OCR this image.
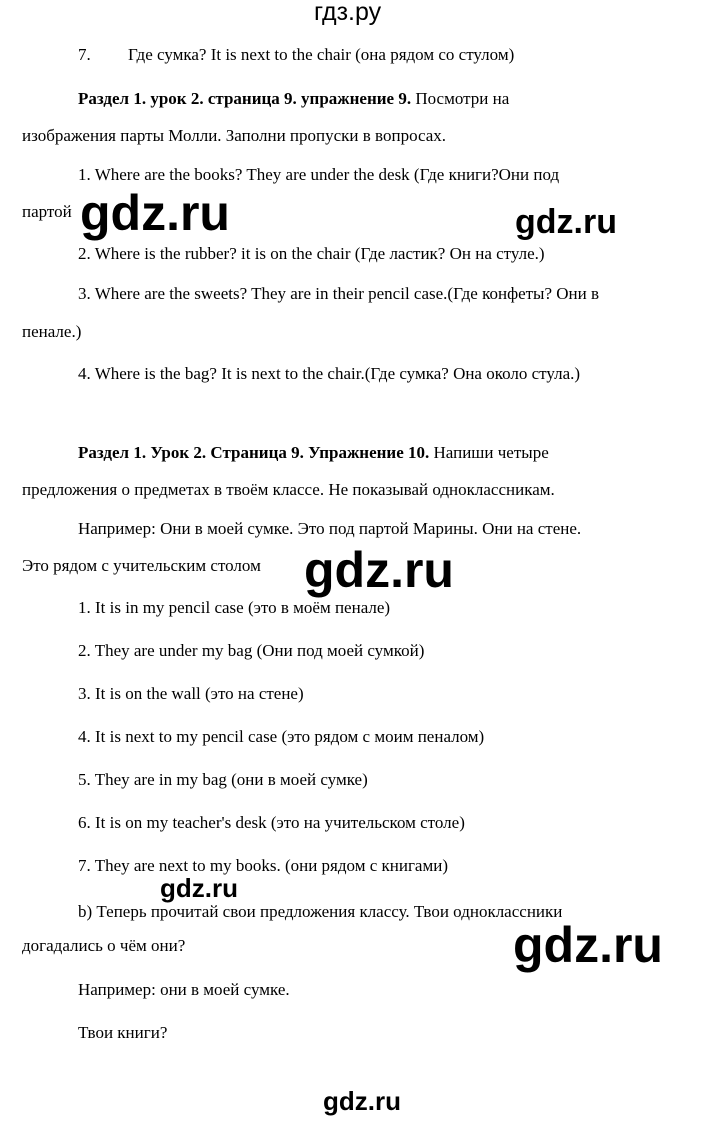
гдз.ру
7. Где сумка? It is next to the chair (она рядом со стулом)
Раздел 1. урок 2. страница 9. упражнение 9. Посмотри на
изображения парты Молли. Заполни пропуски в вопросах.
1. Where are the books? They are under the desk (Где книги?Они под
партой
2. Where is the rubber? it is on the chair (Где ластик? Он на стуле.)
3. Where are the sweets? They are in their pencil case.(Где конфеты? Они в
пенале.)
4. Where is the bag? It is next to the chair.(Где сумка? Она около стула.)
Раздел 1. Урок 2. Страница 9. Упражнение 10. Напиши четыре
предложения о предметах в твоём классе. Не показывай одноклассникам.
Например: Они в моей сумке. Это под партой Марины. Они на стене.
Это рядом с учительским столом
1. It is in my pencil case (это в моём пенале)
2. They are under my bag (Они под моей сумкой)
3. It is on the wall (это на стене)
4. It is next to my pencil case (это рядом с моим пеналом)
5. They are in my bag (они в моей сумке)
6. It is on my teacher's desk (это на учительском столе)
7. They are next to my books. (они рядом с книгами)
b) Теперь прочитай свои предложения классу. Твои одноклассники
догадались о чём они?
Например: они в моей сумке.
Твои книги?
gdz.ru	gdz.ru
gdz.ru
gdz.ru
gdz.ru
gdz.ru
